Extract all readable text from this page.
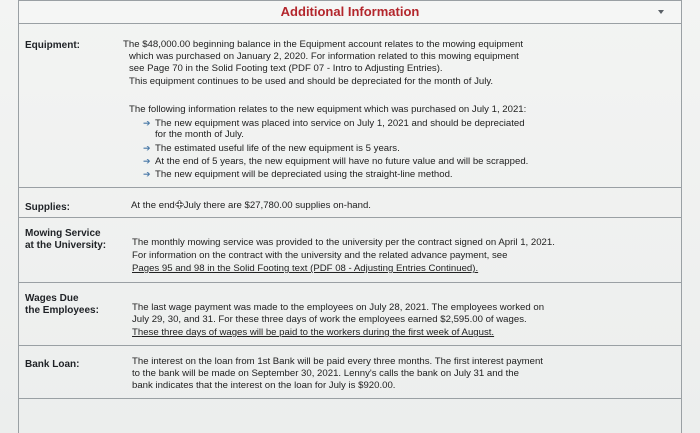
Additional Information
Equipment:	The $48,000.00 beginning balance in the Equipment account relates to the mowing equipment
which was purchased on January 2, 2020. For information related to this mowing equipment
see Page 70 in the Solid Footing text (PDF 07 - Intro to Adjusting Entries).
This equipment continues to be used and should be depreciated for the month of July.
The following information relates to the new equipment which was purchased on July 1, 2021:
➔ The new equipment was placed into service on July 1, 2021 and should be depreciated
for the month of July.
➔ The estimated useful life of the new equipment is 5 years.
➔ At the end of 5 years, the new equipment will have no future value and will be scrapped.
➔ The new equipment will be depreciated using the straight-line method.
Supplies:	At the end July there are $27,780.00 supplies on-hand.
Mowing Service
at the University:	The monthly mowing service was provided to the university per the contract signed on April 1, 2021.
For information on the contract with the university and the related advance payment, see
Pages 95 and 98 in the Solid Footing text (PDF 08 - Adjusting Entries Continued).
Wages Due
the Employees:	The last wage payment was made to the employees on July 28, 2021. The employees worked on
July 29, 30, and 31. For these three days of work the employees earned $2,595.00 of wages.
These three days of wages will be paid to the workers during the first week of August.
Bank Loan:	The interest on the loan from 1st Bank will be paid every three months. The first interest payment
to the bank will be made on September 30, 2021. Lenny's calls the bank on July 31 and the
bank indicates that the interest on the loan for July is $920.00.
